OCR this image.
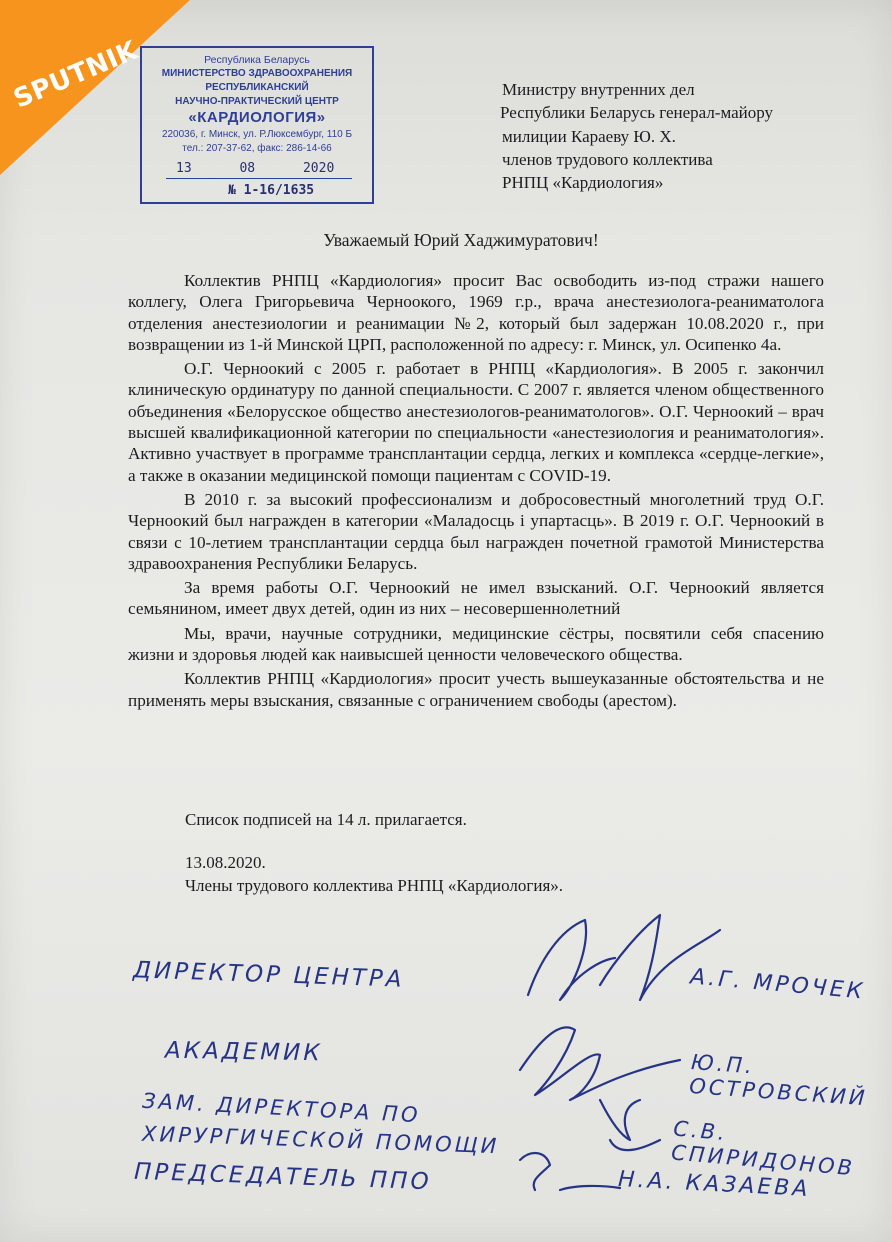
SPUTNIK	Республика Беларусь
МИНИСТЕРСТВО ЗДРАВООХРАНЕНИЯ
РЕСПУБЛИКАНСКИЙ
НАУЧНО-ПРАКТИЧЕСКИЙ ЦЕНТР
«КАРДИОЛОГИЯ»
220036, г. Минск, ул. Р.Люксембург, 110 Б
тел.: 207-37-62, факс: 286-14-66
13	08	2020
№ 1-16/1635
Министру внутренних дел
Республики Беларусь генерал-майору
милиции Караеву Ю. Х.
членов трудового коллектива
РНПЦ «Кардиология»
Уважаемый Юрий Хаджимуратович!

Коллектив РНПЦ «Кардиология» просит Вас освободить из-под стражи нашего коллегу, Олега Григорьевича Черноокого, 1969 г.р., врача анестезиолога-реаниматолога отделения анестезиологии и реанимации №2, который был задержан 10.08.2020 г., при возвращении из 1-й Минской ЦРП, расположенной по адресу: г. Минск, ул. Осипенко 4а.

О.Г. Черноокий с 2005 г. работает в РНПЦ «Кардиология». В 2005 г. закончил клиническую ординатуру по данной специальности. С 2007 г. является членом общественного объединения «Белорусское общество анестезиологов-реаниматологов». О.Г. Черноокий – врач высшей квалификационной категории по специальности «анестезиология и реаниматология». Активно участвует в программе трансплантации сердца, легких и комплекса «сердце-легкие», а также в оказании медицинской помощи пациентам с COVID-19.

В 2010 г. за высокий профессионализм и добросовестный многолетний труд О.Г. Черноокий был награжден в категории «Маладосць і упартасць». В 2019 г. О.Г. Черноокий в связи с 10-летием трансплантации сердца был награжден почетной грамотой Министерства здравоохранения Республики Беларусь.

За время работы О.Г. Черноокий не имел взысканий. О.Г. Черноокий является семьянином, имеет двух детей, один из них – несовершеннолетний

Мы, врачи, научные сотрудники, медицинские сёстры, посвятили себя спасению жизни и здоровья людей как наивысшей ценности человеческого общества.

Коллектив РНПЦ «Кардиология» просит учесть вышеуказанные обстоятельства и не применять меры взыскания, связанные с ограничением свободы (арестом).

Список подписей на 14 л. прилагается.
13.08.2020.
Члены трудового коллектива РНПЦ «Кардиология».
ДИРЕКТОР ЦЕНТРА
АКАДЕМИК
ЗАМ. ДИРЕКТОРА ПО
ХИРУРГИЧЕСКОЙ ПОМОЩИ
ПРЕДСЕДАТЕЛЬ ППО
А.Г. МРОЧЕК
Ю.П. ОСТРОВСКИЙ
С.В. СПИРИДОНОВ
Н.А. КАЗАЕВА
